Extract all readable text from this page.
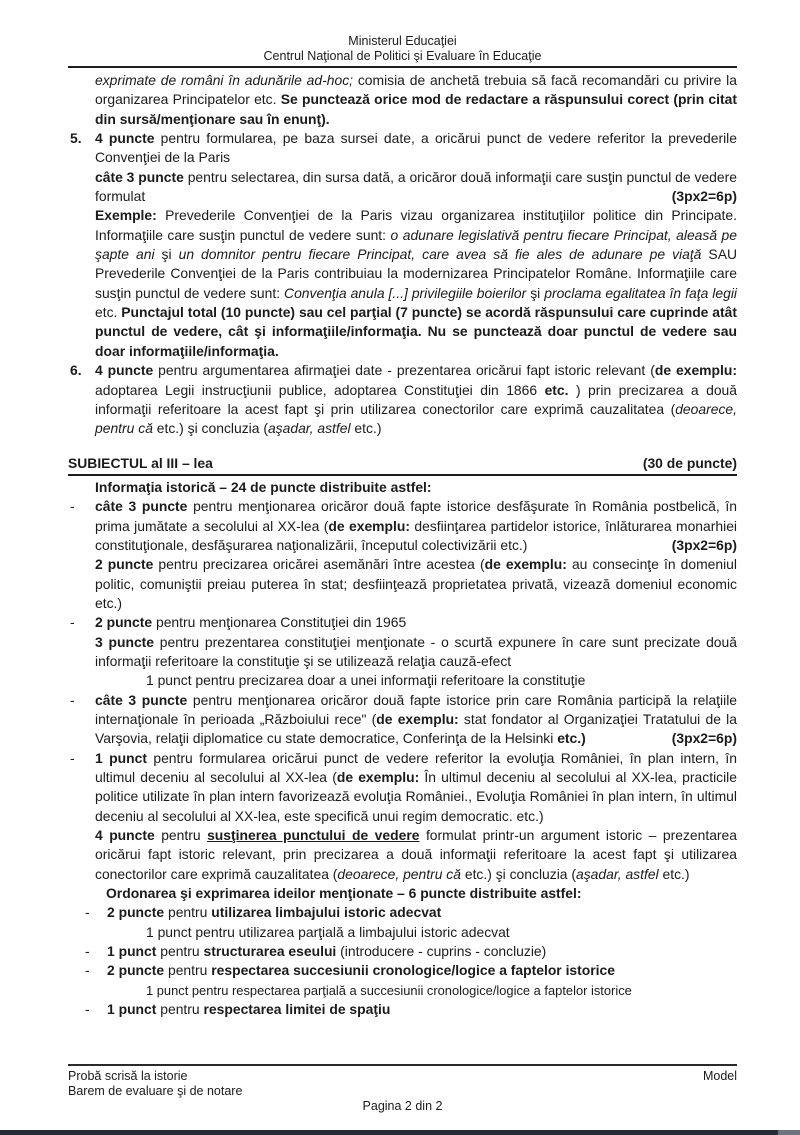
Ministerul Educaţiei
Centrul Naţional de Politici şi Evaluare în Educaţie
exprimate de români în adunările ad-hoc; comisia de anchetă trebuia să facă recomandări cu privire la organizarea Principatelor etc. Se punctează orice mod de redactare a răspunsului corect (prin citat din sursă/menţionare sau în enunţ).
5. 4 puncte pentru formularea, pe baza sursei date, a oricărui punct de vedere referitor la prevederile Convenţiei de la Paris
câte 3 puncte pentru selectarea, din sursa dată, a oricăror două informaţii care susţin punctul de vedere formulat	(3px2=6p)
Exemple: Prevederile Convenţiei de la Paris vizau organizarea instituţiilor politice din Principate. Informaţiile care susţin punctul de vedere sunt: o adunare legislativă pentru fiecare Principat, aleasă pe şapte ani şi un domnitor pentru fiecare Principat, care avea să fie ales de adunare pe viaţă SAU Prevederile Convenţiei de la Paris contribuiau la modernizarea Principatelor Române. Informaţiile care susţin punctul de vedere sunt: Convenţia anula [...] privilegiile boierilor şi proclama egalitatea în faţa legii etc. Punctajul total (10 puncte) sau cel parţial (7 puncte) se acordă răspunsului care cuprinde atât punctul de vedere, cât şi informaţiile/informaţia. Nu se punctează doar punctul de vedere sau doar informaţiile/informaţia.
6. 4 puncte pentru argumentarea afirmaţiei date - prezentarea oricărui fapt istoric relevant (de exemplu: adoptarea Legii instrucţiunii publice, adoptarea Constituţiei din 1866 etc. ) prin precizarea a două informaţii referitoare la acest fapt şi prin utilizarea conectorilor care exprimă cauzalitatea (deoarece, pentru că etc.) şi concluzia (aşadar, astfel etc.)
SUBIECTUL al III – lea	(30 de puncte)
Informaţia istorică – 24 de puncte distribuite astfel:
- câte 3 puncte pentru menţionarea oricăror două fapte istorice desfăşurate în România postbelică, în prima jumătate a secolului al XX-lea (de exemplu: desfiinţarea partidelor istorice, înlăturarea monarhiei constituţionale, desfăşurarea naţionalizării, începutul colectivizării etc.)	(3px2=6p)
2 puncte pentru precizarea oricărei asemănări între acestea (de exemplu: au consecinţe în domeniul politic, comuniştii preiau puterea în stat; desfiinţează proprietatea privată, vizează domeniul economic etc.)
- 2 puncte pentru menţionarea Constituţiei din 1965
3 puncte pentru prezentarea constituţiei menţionate - o scurtă expunere în care sunt precizate două informaţii referitoare la constituţie şi se utilizează relaţia cauză-efect
1 punct pentru precizarea doar a unei informaţii referitoare la constituţie
- câte 3 puncte pentru menţionarea oricăror două fapte istorice prin care România participă la relaţiile internaţionale în perioada „Războiului rece" (de exemplu: stat fondator al Organizaţiei Tratatului de la Varşovia, relaţii diplomatice cu state democratice, Conferinţa de la Helsinki etc.)	(3px2=6p)
- 1 punct pentru formularea oricărui punct de vedere referitor la evoluţia României, în plan intern, în ultimul deceniu al secolului al XX-lea (de exemplu: În ultimul deceniu al secolului al XX-lea, practicile politice utilizate în plan intern favorizează evoluţia României., Evoluţia României în plan intern, în ultimul deceniu al secolului al XX-lea, este specifică unui regim democratic. etc.)
4 puncte pentru susţinerea punctului de vedere formulat printr-un argument istoric – prezentarea oricărui fapt istoric relevant, prin precizarea a două informaţii referitoare la acest fapt şi utilizarea conectorilor care exprimă cauzalitatea (deoarece, pentru că etc.) şi concluzia (aşadar, astfel etc.)
Ordonarea şi exprimarea ideilor menţionate – 6 puncte distribuite astfel:
- 2 puncte pentru utilizarea limbajului istoric adecvat
1 punct pentru utilizarea parţială a limbajului istoric adecvat
- 1 punct pentru structurarea eseului (introducere - cuprins - concluzie)
- 2 puncte pentru respectarea succesiunii cronologice/logice a faptelor istorice
1 punct pentru respectarea parţială a succesiunii cronologice/logice a faptelor istorice
- 1 punct pentru respectarea limitei de spaţiu
Probă scrisă la istorie	Model
Barem de evaluare şi de notare
Pagina 2 din 2
